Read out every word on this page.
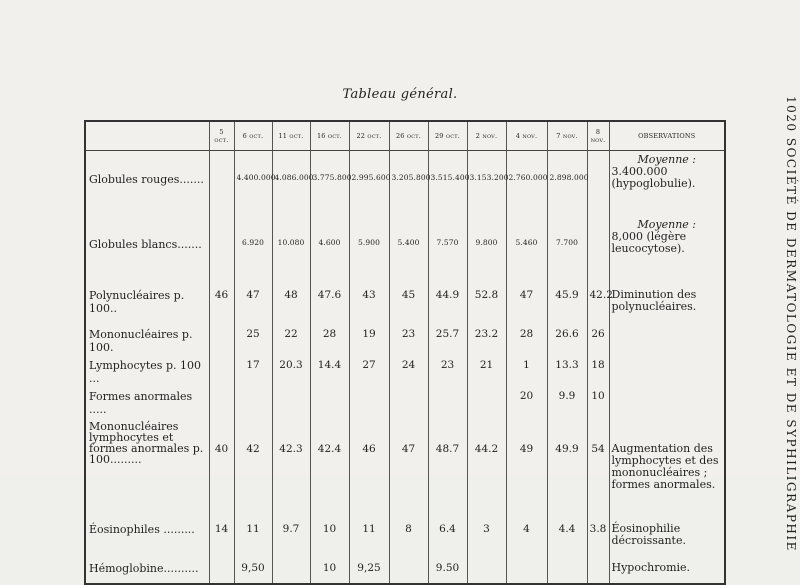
Tableau général.
1020 SOCIÉTÉ DE DERMATOLOGIE ET DE SYPHILIGRAPHIE
	5 oct.	6 oct.	11 oct.	16 oct.	22 oct.	26 oct.	29 oct.	2 nov.	4 nov.	7 nov.	8 nov.	OBSERVATIONS
Globules rouges.......		4.400.000	4.086.000	3.775.800	2.995.600	3.205.800	3.515.400	3.153.200	2.760.000	2.898.000		Moyenne :
3.400.000 (hypoglobulie).
Globules blancs.......		6.920	10.080	4.600	5.900	5.400	7.570	9.800	5.460	7.700		Moyenne :
8,000 (légère leucocytose).
Polynucléaires p. 100..	46	47	48	47.6	43	45	44.9	52.8	47	45.9	42.2	Diminution des polynucléaires.
Mononucléaires p. 100.		25	22	28	19	23	25.7	23.2	28	26.6	26	
Lymphocytes p. 100 ...		17	20.3	14.4	27	24	23	21	1	13.3	18	
Formes anormales .....									20	9.9	10	
Mononucléaires lymphocytes et formes anormales p. 100.........	40	42	42.3	42.4	46	47	48.7	44.2	49	49.9	54	Augmentation des lymphocytes et des mononucléaires ; formes anormales.
Éosinophiles .........	14	11	9.7	10	11	8	6.4	3	4	4.4	3.8	Éosinophilie décroissante.
Hémoglobine..........		9,50		10	9,25		9.50					Hypochromie.
